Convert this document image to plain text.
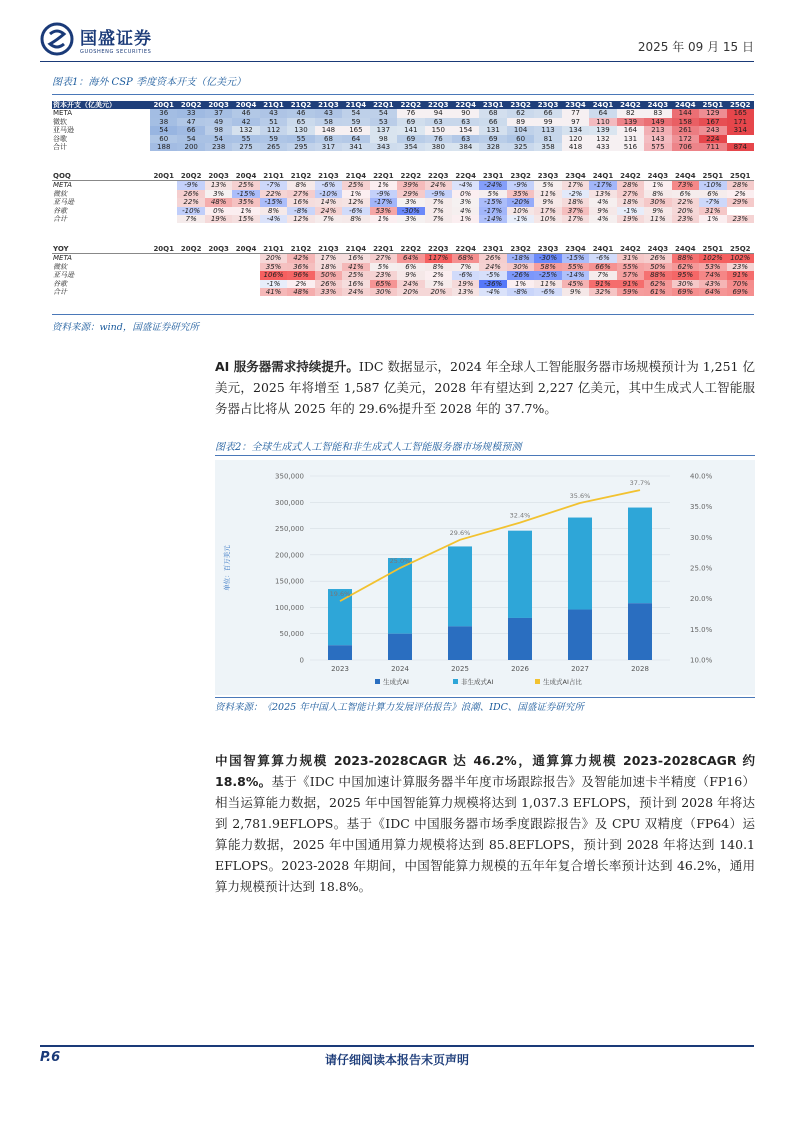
国盛证券
GUOSHENG SECURITIES	2025 年 09 月 15 日
图表1：海外 CSP 季度资本开支（亿美元）
资本开支（亿美元）	20Q1	20Q2	20Q3	20Q4	21Q1	21Q2	21Q3	21Q4	22Q1	22Q2	22Q3	22Q4	23Q1	23Q2	23Q3	23Q4	24Q1	24Q2	24Q3	24Q4	25Q1	25Q2
META	36	33	37	46	43	46	43	54	54	76	94	90	68	62	66	77	64	82	83	144	129	165
微软	38	47	49	42	51	65	58	59	53	69	63	63	66	89	99	97	110	139	149	158	167	171
亚马逊	54	66	98	132	112	130	148	165	137	141	150	154	131	104	113	134	139	164	213	261	243	314
谷歌	60	54	54	55	59	55	68	64	98	69	76	63	69	60	81	120	132	131	143	172	224	
合计	188	200	238	275	265	295	317	341	343	354	380	384	328	325	358	418	433	516	575	706	711	874
QOQ	20Q1	20Q2	20Q3	20Q4	21Q1	21Q2	21Q3	21Q4	22Q1	22Q2	22Q3	22Q4	23Q1	23Q2	23Q3	23Q4	24Q1	24Q2	24Q3	24Q4	25Q1	25Q1
META		-9%	13%	25%	-7%	8%	-6%	25%	1%	39%	24%	-4%	-24%	-9%	5%	17%	-17%	28%	1%	73%	-10%	28%
微软		26%	3%	-15%	22%	27%	-10%	1%	-9%	29%	-9%	0%	5%	35%	11%	-2%	13%	27%	8%	6%	6%	2%
亚马逊		22%	48%	35%	-15%	16%	14%	12%	-17%	3%	7%	3%	-15%	-20%	9%	18%	4%	18%	30%	22%	-7%	29%
谷歌		-10%	0%	1%	8%	-8%	24%	-6%	53%	-30%	7%	4%	-17%	10%	17%	37%	9%	-1%	9%	20%	31%	
合计		7%	19%	15%	-4%	12%	7%	8%	1%	3%	7%	1%	-14%	-1%	10%	17%	4%	19%	11%	23%	1%	23%
YOY	20Q1	20Q2	20Q3	20Q4	21Q1	21Q2	21Q3	21Q4	22Q1	22Q2	22Q3	22Q4	23Q1	23Q2	23Q3	23Q4	24Q1	24Q2	24Q3	24Q4	25Q1	25Q2
META					20%	42%	17%	16%	27%	64%	117%	68%	26%	-18%	-30%	-15%	-6%	31%	26%	88%	102%	102%
微软					35%	36%	18%	41%	5%	6%	8%	7%	24%	30%	58%	55%	66%	55%	50%	62%	53%	23%
亚马逊					106%	96%	50%	25%	23%	9%	2%	-6%	-5%	-26%	-25%	-14%	7%	57%	88%	95%	74%	91%
谷歌					-1%	2%	26%	16%	65%	24%	7%	19%	-36%	1%	11%	45%	91%	91%	62%	30%	43%	70%
合计					41%	48%	33%	24%	30%	20%	20%	13%	-4%	-8%	-6%	9%	32%	59%	61%	69%	64%	69%
资料来源：wind，国盛证券研究所
AI 服务器需求持续提升。IDC 数据显示，2024 年全球人工智能服务器市场规模预计为 1,251 亿美元，2025 年将增至 1,587 亿美元，2028 年有望达到 2,227 亿美元，其中生成式人工智能服务器占比将从 2025 年的 29.6%提升至 2028 年的 37.7%。
图表2：全球生成式人工智能和非生成式人工智能服务器市场规模预测
0
50,000
100,000
150,000
200,000
250,000
300,000
350,000
10.0%
15.0%
20.0%
25.0%
30.0%
35.0%
40.0%
单位：百万美元
2023	2024	2025	2026	2027	2028
19.6%
25.0%
29.6%
32.4%
35.6%
37.7%
生成式AI	非生成式AI	生成式AI占比
资料来源：《2025 年中国人工智能计算力发展评估报告》浪潮、IDC、国盛证券研究所
中国智算算力规模 2023-2028CAGR 达 46.2%，通算算力规模 2023-2028CAGR 约 18.8%。基于《IDC 中国加速计算服务器半年度市场跟踪报告》及智能加速卡半精度（FP16）相当运算能力数据，2025 年中国智能算力规模将达到 1,037.3 EFLOPS，预计到 2028 年将达到 2,781.9EFLOPS。基于《IDC 中国服务器市场季度跟踪报告》及 CPU 双精度（FP64）运算能力数据，2025 年中国通用算力规模将达到 85.8EFLOPS，预计到 2028 年将达到 140.1 EFLOPS。2023-2028 年期间，中国智能算力规模的五年年复合增长率预计达到 46.2%，通用算力规模预计达到 18.8%。
P.6	请仔细阅读本报告末页声明
